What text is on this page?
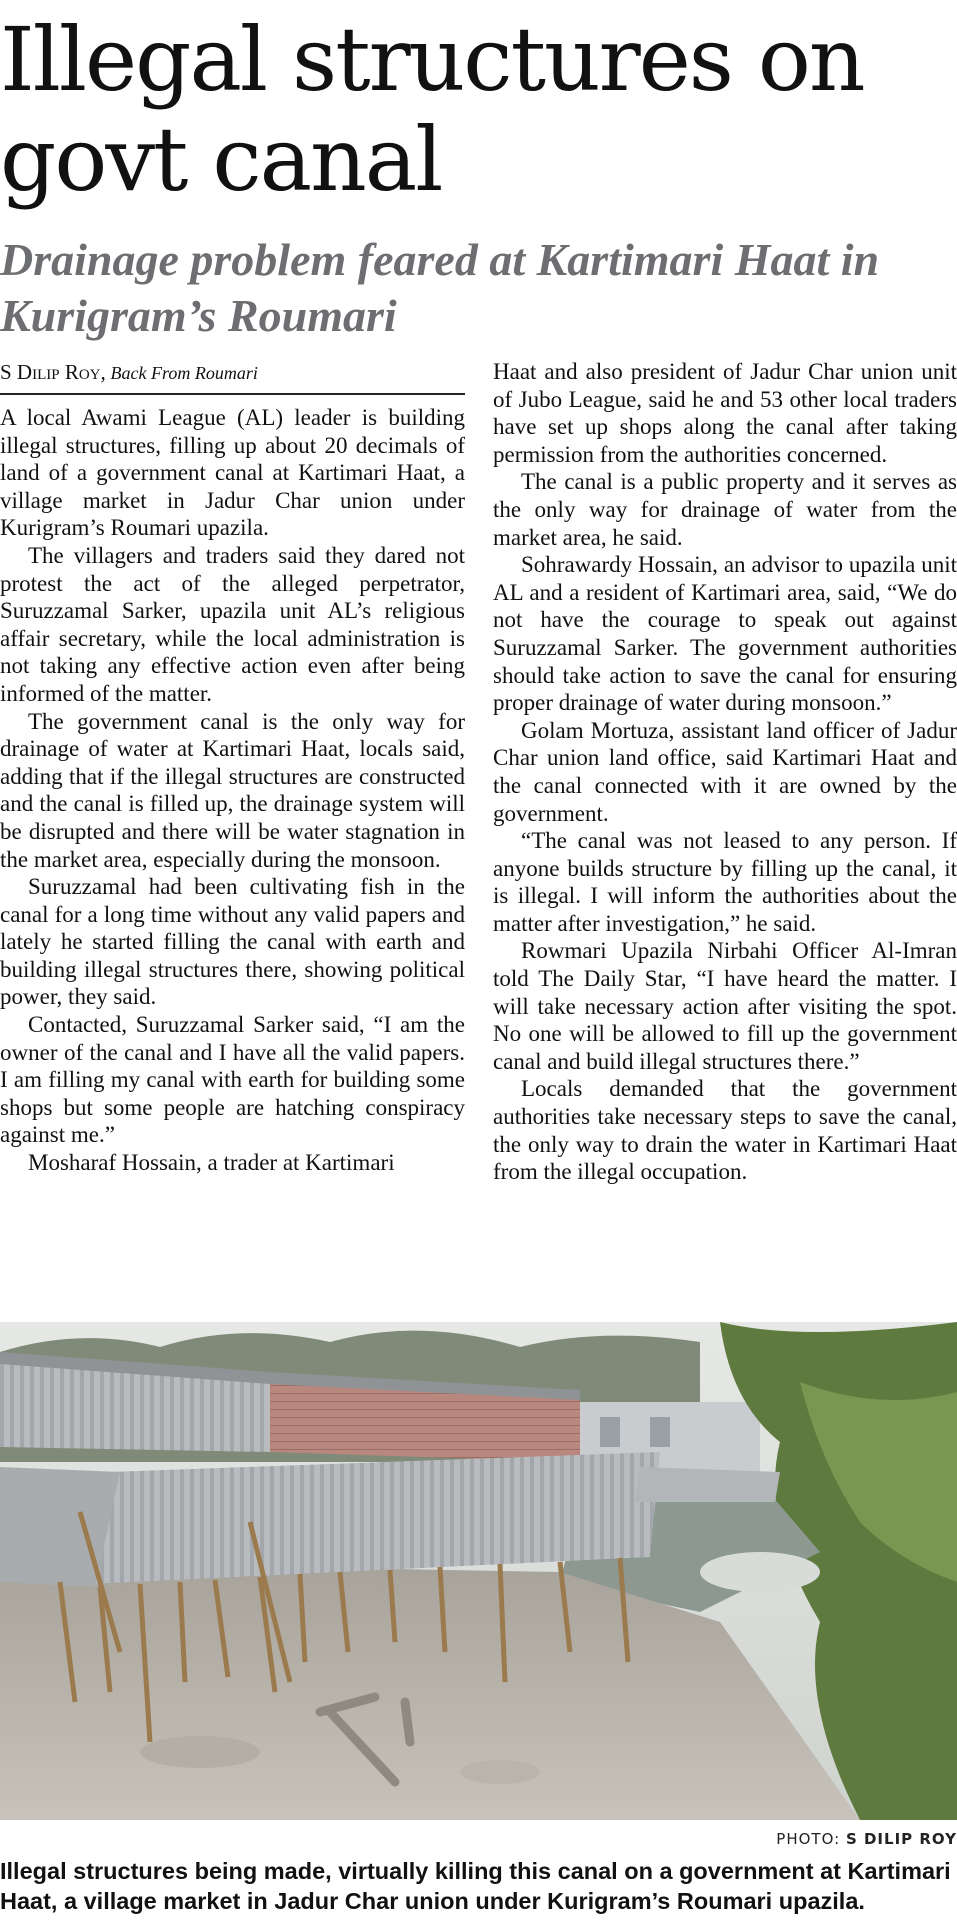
Illegal structures on govt canal
Drainage problem feared at Kartimari Haat in Kurigram’s Roumari
S Dilip Roy, Back From Roumari

A local Awami League (AL) leader is building illegal structures, filling up about 20 decimals of land of a government canal at Kartimari Haat, a village market in Jadur Char union under Kurigram’s Roumari upazila.

The villagers and traders said they dared not protest the act of the alleged perpetrator, Suruzzamal Sarker, upazila unit AL’s religious affair secretary, while the local administration is not taking any effective action even after being informed of the matter.

The government canal is the only way for drainage of water at Kartimari Haat, locals said, adding that if the illegal structures are constructed and the canal is filled up, the drainage system will be disrupted and there will be water stagnation in the market area, especially during the monsoon.

Suruzzamal had been cultivating fish in the canal for a long time without any valid papers and lately he started filling the canal with earth and building illegal structures there, showing political power, they said.

Contacted, Suruzzamal Sarker said, “I am the owner of the canal and I have all the valid papers. I am filling my canal with earth for building some shops but some people are hatching conspiracy against me.”

Mosharaf Hossain, a trader at Kartimari

Haat and also president of Jadur Char union unit of Jubo League, said he and 53 other local traders have set up shops along the canal after taking permission from the authorities concerned.

The canal is a public property and it serves as the only way for drainage of water from the market area, he said.

Sohrawardy Hossain, an advisor to upazila unit AL and a resident of Kartimari area, said, “We do not have the courage to speak out against Suruzzamal Sarker. The government authorities should take action to save the canal for ensuring proper drainage of water during monsoon.”

Golam Mortuza, assistant land officer of Jadur Char union land office, said Kartimari Haat and the canal connected with it are owned by the government.

“The canal was not leased to any person. If anyone builds structure by filling up the canal, it is illegal. I will inform the authorities about the matter after investigation,” he said.

Rowmari Upazila Nirbahi Officer Al-Imran told The Daily Star, “I have heard the matter. I will take necessary action after visiting the spot. No one will be allowed to fill up the government canal and build illegal structures there.”

Locals demanded that the government authorities take necessary steps to save the canal, the only way to drain the water in Kartimari Haat from the illegal occupation.

PHOTO: S DILIP ROY

Illegal structures being made, virtually killing this canal on a government at Kartimari Haat, a village market in Jadur Char union under Kurigram’s Roumari upazila.
